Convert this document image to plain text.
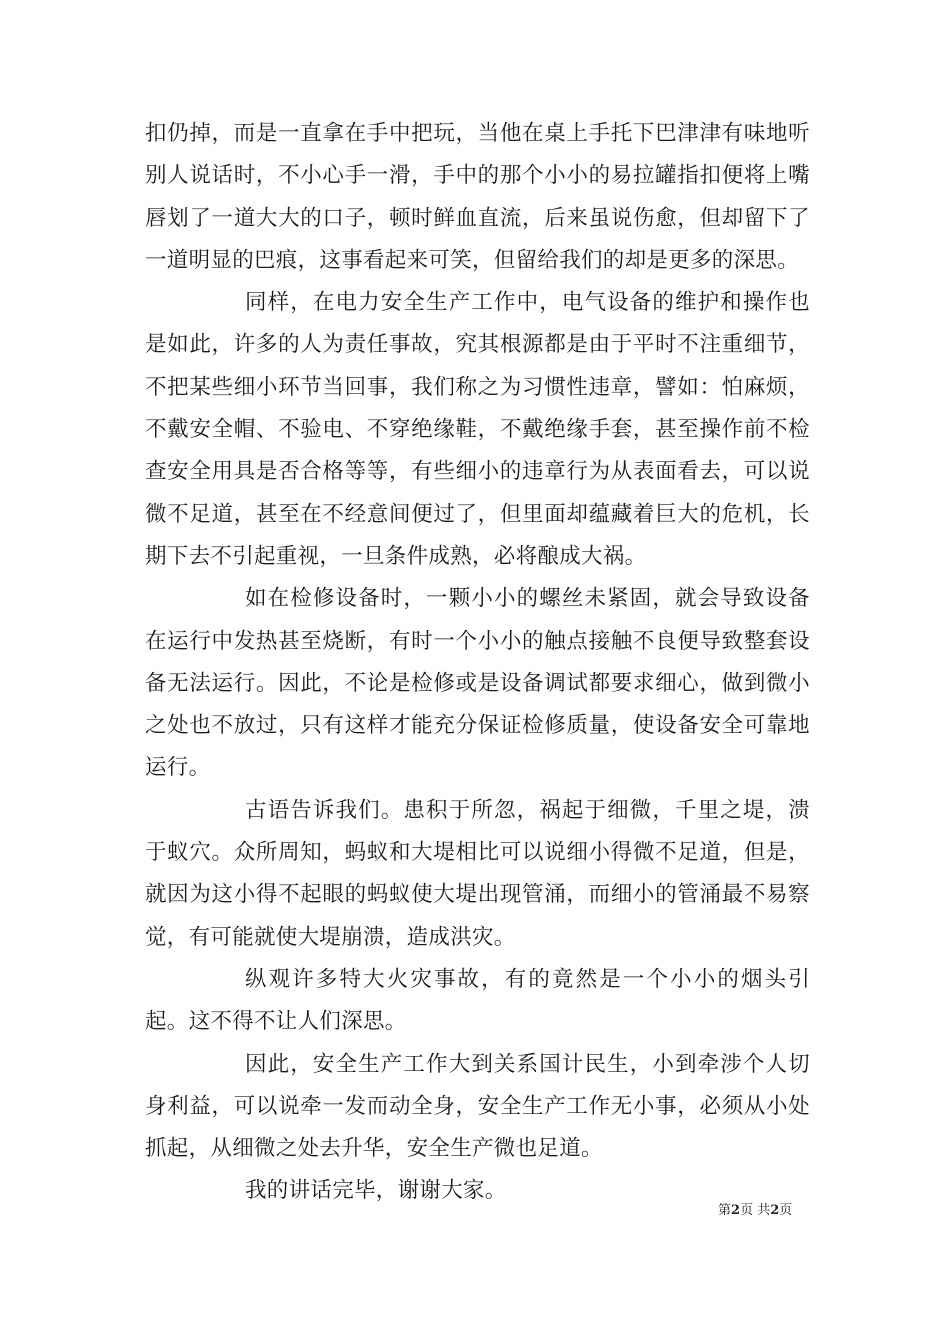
扣仍掉，而是一直拿在手中把玩，当他在桌上手托下巴津津有味地听别人说话时，不小心手一滑，手中的那个小小的易拉罐指扣便将上嘴唇划了一道大大的口子，顿时鲜血直流，后来虽说伤愈，但却留下了一道明显的巴痕，这事看起来可笑，但留给我们的却是更多的深思。

同样，在电力安全生产工作中，电气设备的维护和操作也是如此，许多的人为责任事故，究其根源都是由于平时不注重细节，不把某些细小环节当回事，我们称之为习惯性违章，譬如：怕麻烦，不戴安全帽、不验电、不穿绝缘鞋，不戴绝缘手套，甚至操作前不检查安全用具是否合格等等，有些细小的违章行为从表面看去，可以说微不足道，甚至在不经意间便过了，但里面却蕴藏着巨大的危机，长期下去不引起重视，一旦条件成熟，必将酿成大祸。

如在检修设备时，一颗小小的螺丝未紧固，就会导致设备在运行中发热甚至烧断，有时一个小小的触点接触不良便导致整套设备无法运行。因此，不论是检修或是设备调试都要求细心，做到微小之处也不放过，只有这样才能充分保证检修质量，使设备安全可靠地运行。

古语告诉我们。患积于所忽，祸起于细微，千里之堤，溃于蚁穴。众所周知，蚂蚁和大堤相比可以说细小得微不足道，但是，就因为这小得不起眼的蚂蚁使大堤出现管涌，而细小的管涌最不易察觉，有可能就使大堤崩溃，造成洪灾。

纵观许多特大火灾事故，有的竟然是一个小小的烟头引起。这不得不让人们深思。

因此，安全生产工作大到关系国计民生，小到牵涉个人切身利益，可以说牵一发而动全身，安全生产工作无小事，必须从小处抓起，从细微之处去升华，安全生产微也足道。

我的讲话完毕，谢谢大家。

第2页 共2页
